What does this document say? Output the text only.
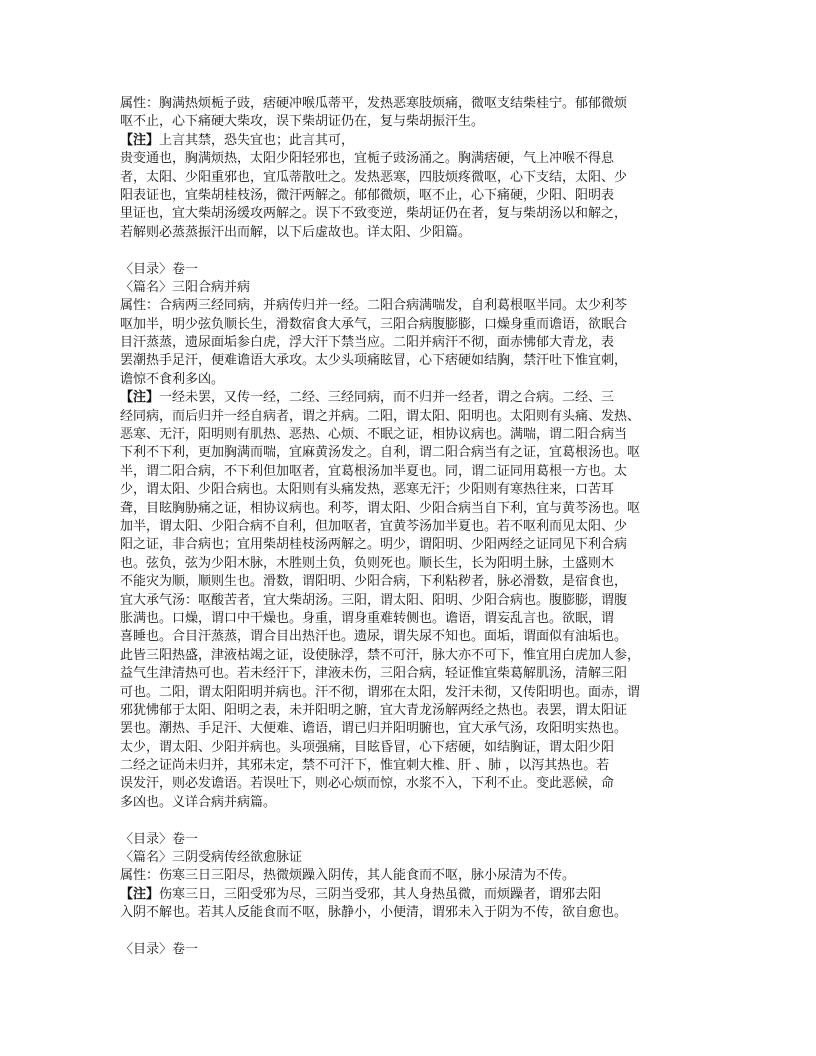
属性：胸满热烦栀子豉，痞硬冲喉瓜蒂平，发热恶寒肢烦痛，微呕支结柴桂宁。郁郁微烦
呕不止，心下痛硬大柴攻，误下柴胡证仍在，复与柴胡振汗生。
【注】上言其禁，恐失宜也；此言其可，
贵变通也，胸满烦热，太阳少阳轻邪也，宜栀子豉汤涌之。胸满痞硬，气上冲喉不得息
者，太阳、少阳重邪也，宜瓜蒂散吐之。发热恶寒，四肢烦疼微呕，心下支结，太阳、少
阳表证也，宜柴胡桂枝汤，微汗两解之。郁郁微烦，呕不止，心下痛硬，少阳、阳明表
里证也，宜大柴胡汤缓攻两解之。误下不致变逆，柴胡证仍在者，复与柴胡汤以和解之，
若解则必蒸蒸振汗出而解，以下后虚故也。详太阳、少阳篇。
〈目录〉卷一
〈篇名〉三阳合病并病
属性：合病两三经同病，并病传归并一经。二阳合病满喘发，自利葛根呕半同。太少利芩
呕加半，明少弦负顺长生，滑数宿食大承气，三阳合病腹膨膨，口燥身重而谵语，欲眠合
目汗蒸蒸，遗尿面垢参白虎，浮大汗下禁当应。二阳并病汗不彻，面赤怫郁大青龙，表
罢潮热手足汗，便难谵语大承攻。太少头项痛眩冒，心下痞硬如结胸，禁汗吐下惟宜刺，
谵惊不食利多凶。
【注】一经未罢，又传一经，二经、三经同病，而不归并一经者，谓之合病。二经、三
经同病，而后归并一经自病者，谓之并病。二阳，谓太阳、阳明也。太阳则有头痛、发热、
恶寒、无汗，阳明则有肌热、恶热、心烦、不眠之证，相协议病也。满喘，谓二阳合病当
下利不下利，更加胸满而喘，宜麻黄汤发之。自利，谓二阳合病当有之证，宜葛根汤也。呕
半，谓二阳合病，不下利但加呕者，宜葛根汤加半夏也。同，谓二证同用葛根一方也。太
少，谓太阳、少阳合病也。太阳则有头痛发热，恶寒无汗；少阳则有寒热往来，口苦耳
聋，目眩胸胁痛之证，相协议病也。利芩，谓太阳、少阳合病当自下利，宜与黄芩汤也。呕
加半，谓太阳、少阳合病不自利，但加呕者，宜黄芩汤加半夏也。若不呕利而见太阳、少
阳之证，非合病也；宜用柴胡桂枝汤两解之。明少，谓阳明、少阳两经之证同见下利合病
也。弦负，弦为少阳木脉，木胜则土负，负则死也。顺长生，长为阳明土脉，土盛则木
不能灾为顺，顺则生也。滑数，谓阳明、少阳合病，下利粘秽者，脉必滑数，是宿食也，
宜大承气汤：呕酸苦者，宜大柴胡汤。三阳，谓太阳、阳明、少阳合病也。腹膨膨，谓腹
胀满也。口燥，谓口中干燥也。身重，谓身重难转侧也。谵语，谓妄乱言也。欲眠，谓
喜睡也。合目汗蒸蒸，谓合目出热汗也。遗尿，谓失尿不知也。面垢，谓面似有油垢也。
此皆三阳热盛，津液枯竭之证，设使脉浮，禁不可汗，脉大亦不可下，惟宜用白虎加人参，
益气生津清热可也。若未经汗下，津液未伤，三阳合病，轻证惟宜柴葛解肌汤，清解三阳
可也。二阳，谓太阳阳明并病也。汗不彻，谓邪在太阳，发汗未彻，又传阳明也。面赤，谓
邪犹怫郁于太阳、阳明之表，未并阳明之腑，宜大青龙汤解两经之热也。表罢，谓太阳证
罢也。潮热、手足汗、大便难、谵语，谓已归并阳明腑也，宜大承气汤，攻阳明实热也。
太少，谓太阳、少阳并病也。头项强痛，目眩昏冒，心下痞硬，如结胸证，谓太阳少阳
二经之证尚未归并，其邪未定，禁不可汗下，惟宜刺大椎、肝 、肺 ，以泻其热也。若
误发汗，则必发谵语。若误吐下，则必心烦而惊，水浆不入，下利不止。变此恶候，命
多凶也。义详合病并病篇。
〈目录〉卷一
〈篇名〉三阴受病传经欲愈脉证
属性：伤寒三日三阳尽，热微烦躁入阴传，其人能食而不呕，脉小尿清为不传。
【注】伤寒三日，三阳受邪为尽，三阴当受邪，其人身热虽微，而烦躁者，谓邪去阳
入阴不解也。若其人反能食而不呕，脉静小，小便清，谓邪未入于阴为不传，欲自愈也。
〈目录〉卷一
